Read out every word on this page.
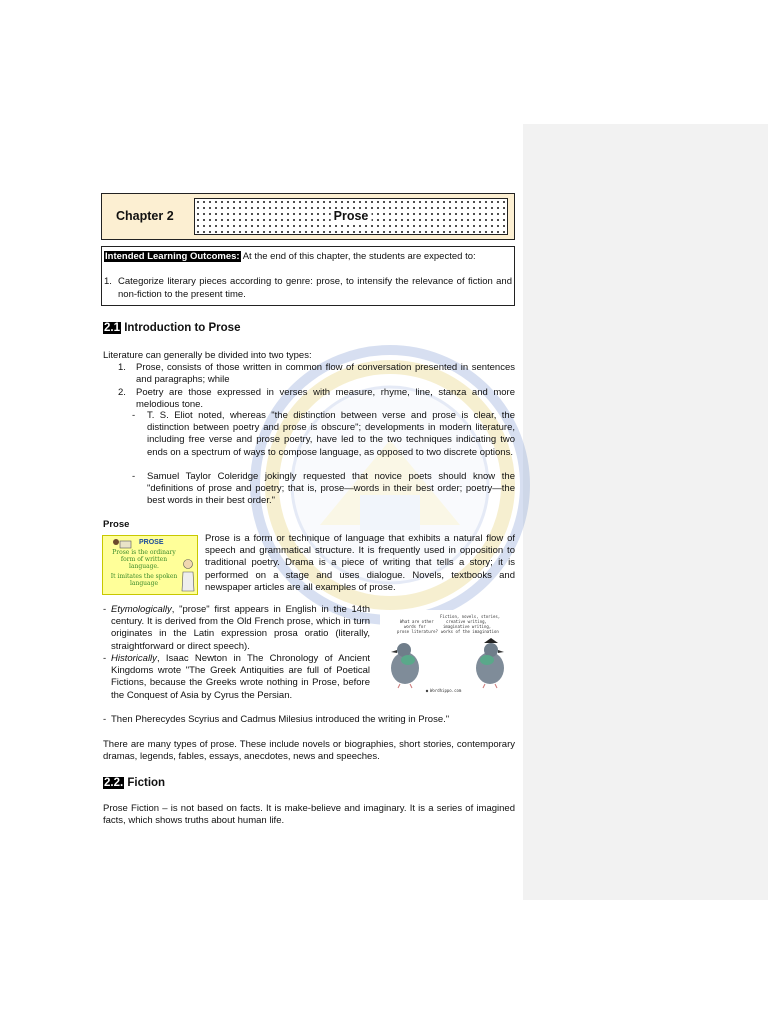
Chapter 2	Prose
Intended Learning Outcomes: At the end of this chapter, the students are expected to:
1. Categorize literary pieces according to genre: prose, to intensify the relevance of fiction and non-fiction to the present time.
2.1 Introduction to Prose
Literature can generally be divided into two types:
1.	Prose, consists of those written in common flow of conversation presented in sentences and paragraphs; while
2.	Poetry are those expressed in verses with measure, rhyme, line, stanza and more melodious tone.
-	T. S. Eliot noted, whereas "the distinction between verse and prose is clear, the distinction between poetry and prose is obscure"; developments in modern literature, including free verse and prose poetry, have led to the two techniques indicating two ends on a spectrum of ways to compose language, as opposed to two discrete options.
-	Samuel Taylor Coleridge jokingly requested that novice poets should know the "definitions of prose and poetry; that is, prose—words in their best order; poetry—the best words in their best order."
Prose
PROSE
Prose is the ordinary
form of written
language.
It imitates the spoken
language
Prose is a form or technique of language that exhibits a natural flow of speech and grammatical structure. It is frequently used in opposition to traditional poetry. Drama is a piece of writing that tells a story; it is performed on a stage and uses dialogue. Novels, textbooks and newspaper articles are all examples of prose.
- Etymologically, "prose" first appears in English in the 14th century. It is derived from the Old French prose, which in turn originates in the Latin expression prosa oratio (literally, straightforward or direct speech).
- Historically, Isaac Newton in The Chronology of Ancient Kingdoms wrote "The Greek Antiquities are full of Poetical Fictions, because the Greeks wrote nothing in Prose, before the Conquest of Asia by Cyrus the Persian.
- Then Pherecydes Scyrius and Cadmus Milesius introduced the writing in Prose."
What are other
words for
prose literature?
Fiction, novels, stories,
creative writing,
imaginative writing,
works of the imagination
Wordhippo.com
There are many types of prose. These include novels or biographies, short stories, contemporary dramas, legends, fables, essays, anecdotes, news and speeches.
2.2. Fiction
Prose Fiction – is not based on facts. It is make-believe and imaginary. It is a series of imagined facts, which shows truths about human life.
